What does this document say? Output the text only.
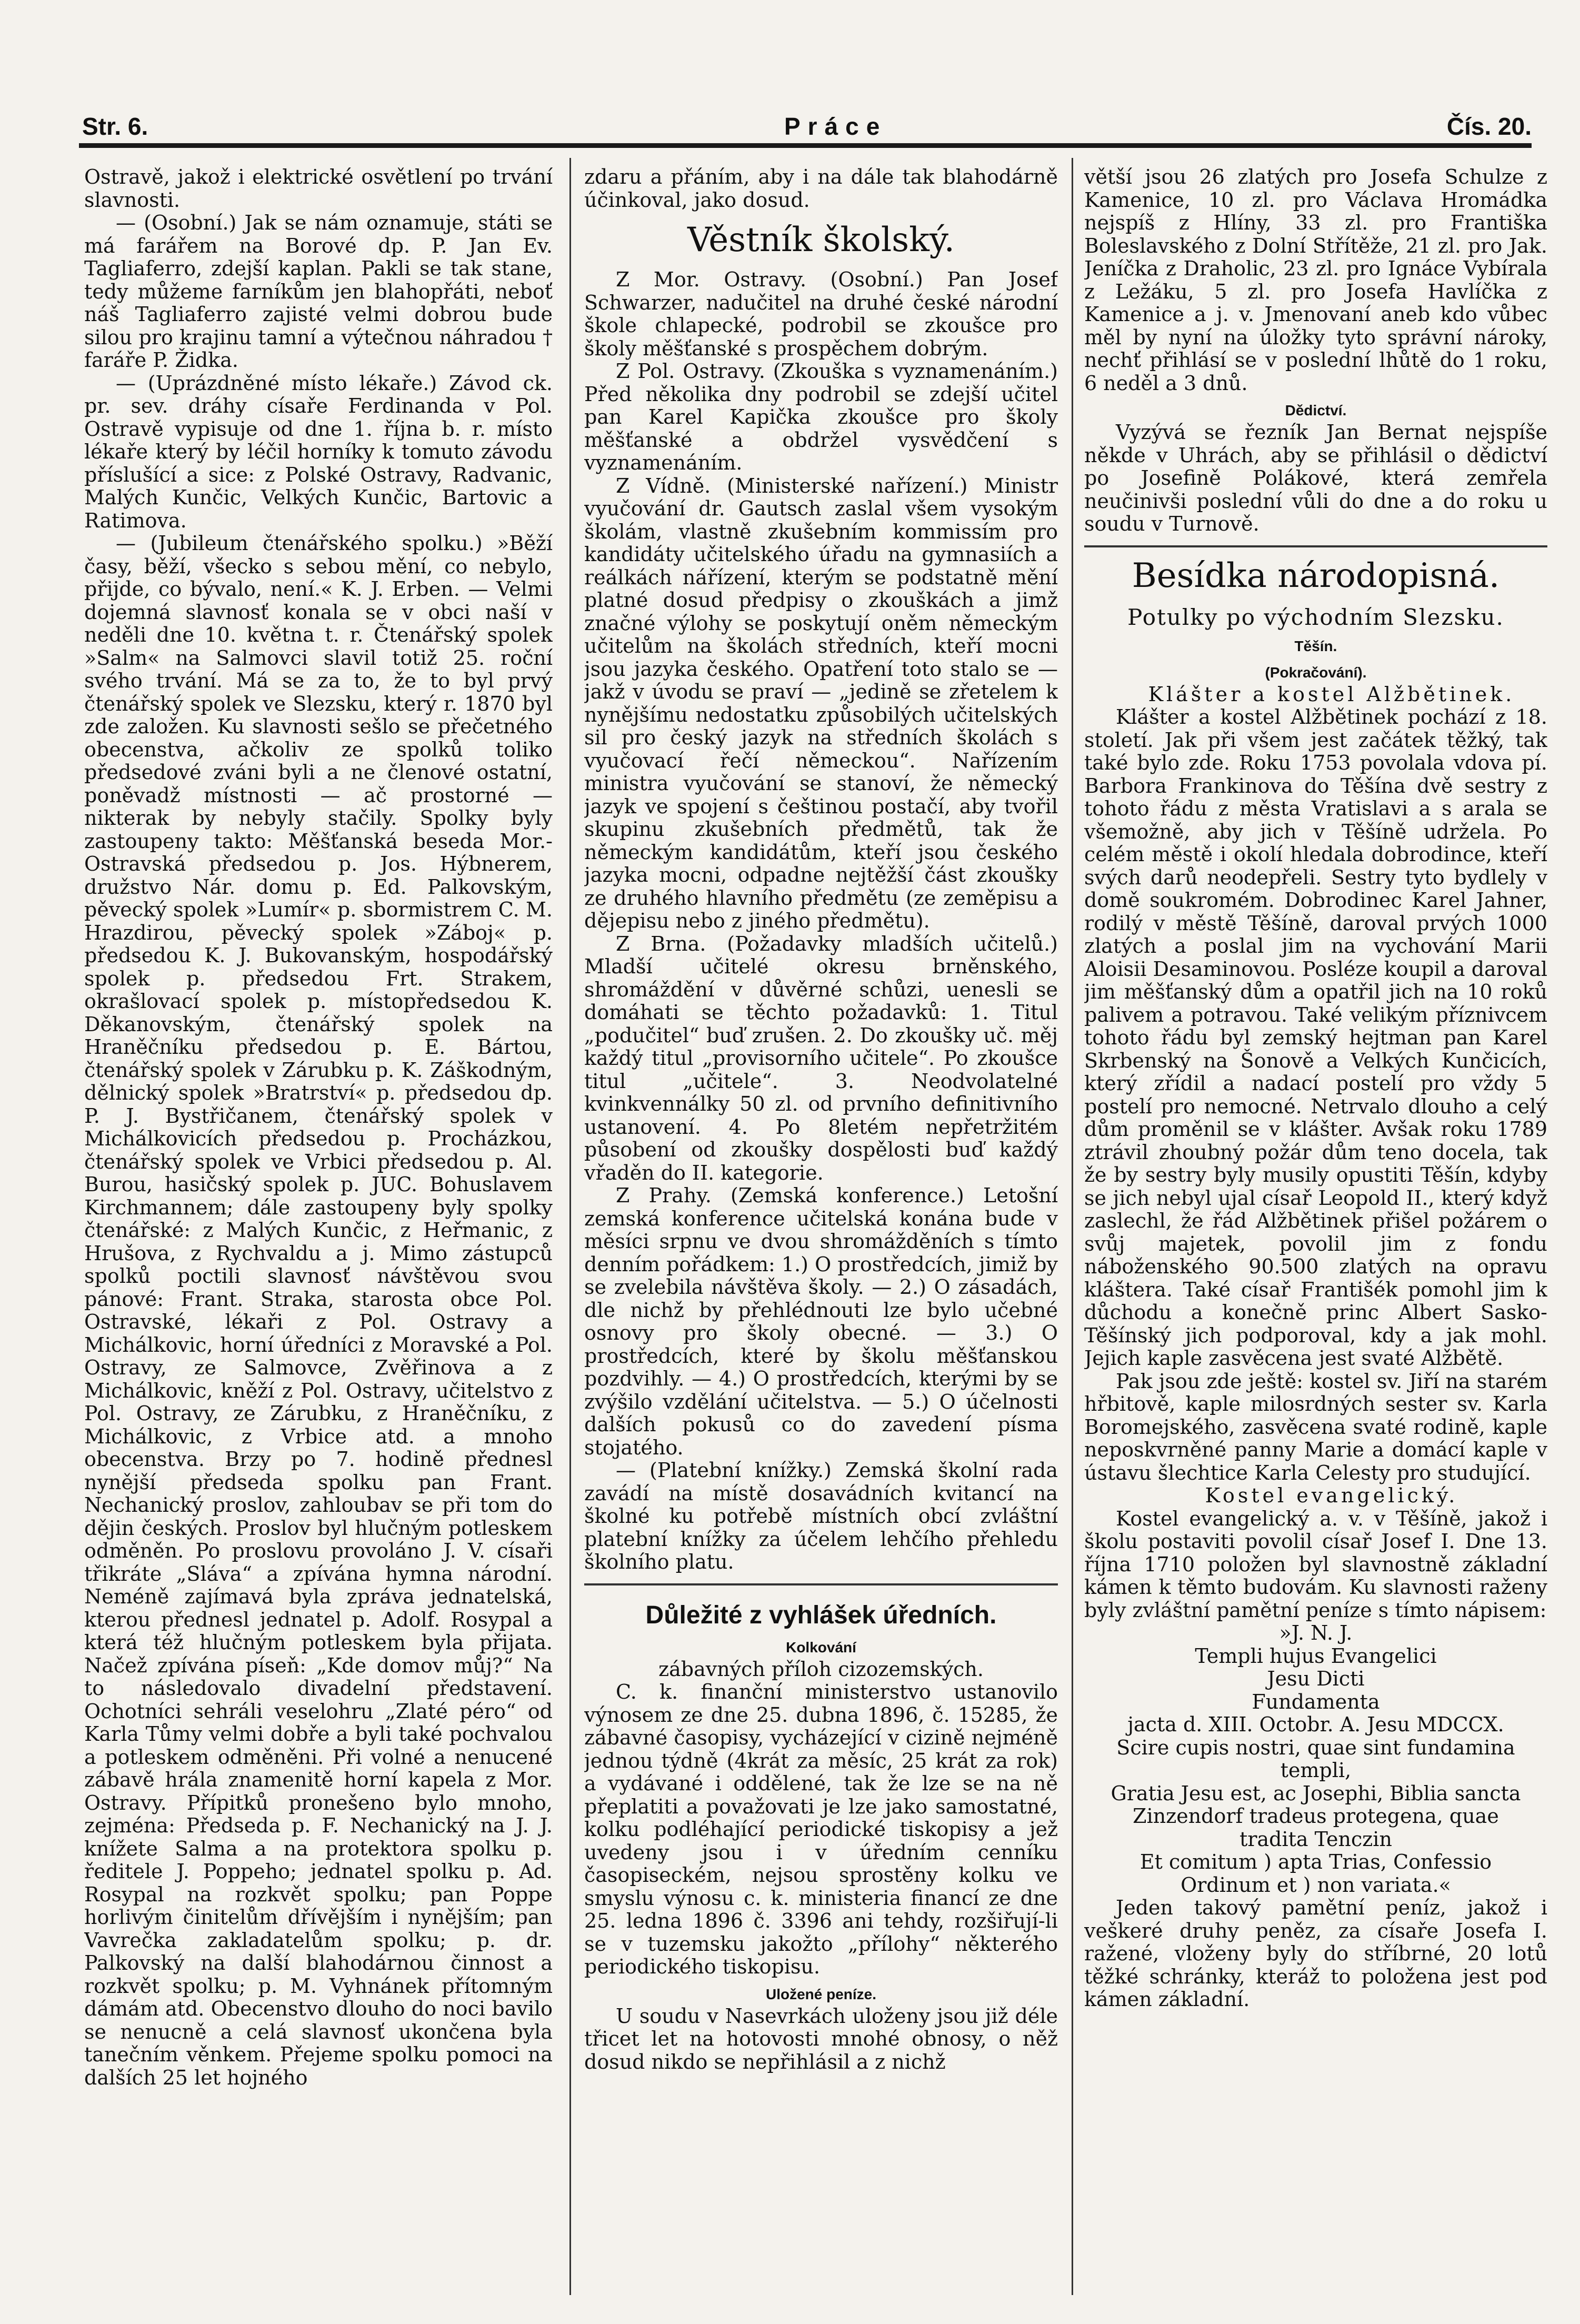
Str. 6.	Práce	Čís. 20.

Ostravě, jakož i elektrické osvětlení po trvání slavnosti.

— (Osobní.) Jak se nám oznamuje, státi se má farářem na Borové dp. P. Jan Ev. Tagliaferro, zdejší kaplan. Pakli se tak stane, tedy můžeme farníkům jen blahopřáti, neboť náš Tagliaferro zajisté velmi dobrou bude silou pro krajinu tamní a výtečnou náhradou † faráře P. Židka.

— (Uprázdněné místo lékaře.) Závod ck. pr. sev. dráhy císaře Ferdinanda v Pol. Ostravě vypisuje od dne 1. října b. r. místo lékaře který by léčil horníky k tomuto závodu příslušící a sice: z Polské Ostravy, Radvanic, Malých Kunčic, Velkých Kunčic, Bartovic a Ratimova.

— (Jubileum čtenářského spolku.) »Běží časy, běží, všecko s sebou mění, co nebylo, přijde, co bývalo, není.« K. J. Erben. — Velmi dojemná slavnosť konala se v obci naší v neděli dne 10. května t. r. Čtenářský spolek »Salm« na Salmovci slavil totiž 25. roční svého trvání. Má se za to, že to byl prvý čtenářský spolek ve Slezsku, který r. 1870 byl zde založen. Ku slavnosti sešlo se přečetného obecenstva, ačkoliv ze spolků toliko předsedové zváni byli a ne členové ostatní, poněvadž místnosti — ač prostorné — nikterak by nebyly stačily. Spolky byly zastoupeny takto: Měšťanská beseda Mor.-Ostravská předsedou p. Jos. Hýbnerem, družstvo Nár. domu p. Ed. Palkovským, pěvecký spolek »Lumír« p. sbormistrem C. M. Hrazdirou, pěvecký spolek »Záboj« p. předsedou K. J. Bukovanským, hospodářský spolek p. předsedou Frt. Strakem, okrašlovací spolek p. místopředsedou K. Děkanovským, čtenářský spolek na Hraněčníku předsedou p. E. Bártou, čtenářský spolek v Zárubku p. K. Záškodným, dělnický spolek »Bratrství« p. předsedou dp. P. J. Bystřičanem, čtenářský spolek v Michálkovicích předsedou p. Procházkou, čtenářský spolek ve Vrbici předsedou p. Al. Burou, hasičský spolek p. JUC. Bohuslavem Kirchmannem; dále zastoupeny byly spolky čtenářské: z Malých Kunčic, z Heřmanic, z Hrušova, z Rychvaldu a j. Mimo zástupců spolků poctili slavnosť návštěvou svou pánové: Frant. Straka, starosta obce Pol. Ostravské, lékaři z Pol. Ostravy a Michálkovic, horní úředníci z Moravské a Pol. Ostravy, ze Salmovce, Zvěřinova a z Michálkovic, kněží z Pol. Ostravy, učitelstvo z Pol. Ostravy, ze Zárubku, z Hraněčníku, z Michálkovic, z Vrbice atd. a mnoho obecenstva. Brzy po 7. hodině přednesl nynější předseda spolku pan Frant. Nechanický proslov, zahloubav se při tom do dějin českých. Proslov byl hlučným potleskem odměněn. Po proslovu provoláno J. V. císaři třikráte „Sláva“ a zpívána hymna národní. Neméně zajímavá byla zpráva jednatelská, kterou přednesl jednatel p. Adolf. Rosypal a která též hlučným potleskem byla přijata. Načež zpívána píseň: „Kde domov můj?“ Na to následovalo divadelní představení. Ochotníci sehráli veselohru „Zlaté péro“ od Karla Tůmy velmi dobře a byli také pochvalou a potleskem odměněni. Při volné a nenucené zábavě hrála znamenitě horní kapela z Mor. Ostravy. Přípitků pronešeno bylo mnoho, zejména: Předseda p. F. Nechanický na J. J. knížete Salma a na protektora spolku p. ředitele J. Poppeho; jednatel spolku p. Ad. Rosypal na rozkvět spolku; pan Poppe horlivým činitelům dřívějším i nynějším; pan Vavrečka zakladatelům spolku; p. dr. Palkovský na další blahodárnou činnost a rozkvět spolku; p. M. Vyhnánek přítomným dámám atd. Obecenstvo dlouho do noci bavilo se nenucně a celá slavnosť ukončena byla tanečním věnkem. Přejeme spolku pomoci na dalších 25 let hojného

zdaru a přáním, aby i na dále tak blahodárně účinkoval, jako dosud.

Věstník školský.

Z Mor. Ostravy. (Osobní.) Pan Josef Schwarzer, nadučitel na druhé české národní škole chlapecké, podrobil se zkoušce pro školy měšťanské s prospěchem dobrým.

Z Pol. Ostravy. (Zkouška s vyznamenáním.) Před několika dny podrobil se zdejší učitel pan Karel Kapička zkoušce pro školy měšťanské a obdržel vysvědčení s vyznamenáním.

Z Vídně. (Ministerské nařízení.) Ministr vyučování dr. Gautsch zaslal všem vysokým školám, vlastně zkušebním kommissím pro kandidáty učitelského úřadu na gymnasiích a reálkách nářízení, kterým se podstatně mění platné dosud předpisy o zkouškách a jimž značné výlohy se poskytují oněm německým učitelům na školách středních, kteří mocni jsou jazyka českého. Opatření toto stalo se — jakž v úvodu se praví — „jedině se zřetelem k nynějšímu nedostatku způsobilých učitelských sil pro český jazyk na středních školách s vyučovací řečí německou“. Nařízením ministra vyučování se stanoví, že německý jazyk ve spojení s češtinou postačí, aby tvořil skupinu zkušebních předmětů, tak že německým kandidátům, kteří jsou českého jazyka mocni, odpadne nejtěžší část zkoušky ze druhého hlavního předmětu (ze zeměpisu a dějepisu nebo z jiného předmětu).

Z Brna. (Požadavky mladších učitelů.) Mladší učitelé okresu brněnského, shromáždění v důvěrné schůzi, uenesli se domáhati se těchto požadavků: 1. Titul „podučitel“ buď zrušen. 2. Do zkoušky uč. měj každý titul „provisorního učitele“. Po zkoušce titul „učitele“. 3. Neodvolatelné kvinkvennálky 50 zl. od prvního definitivního ustanovení. 4. Po 8letém nepřetržitém působení od zkoušky dospělosti buď každý vřaděn do II. kategorie.

Z Prahy. (Zemská konference.) Letošní zemská konference učitelská konána bude v měsíci srpnu ve dvou shromážděních s tímto denním pořádkem: 1.) O prostředcích, jimiž by se zvelebila návštěva školy. — 2.) O zásadách, dle nichž by přehlédnouti lze bylo učebné osnovy pro školy obecné. — 3.) O prostředcích, které by školu měšťanskou pozdvihly. — 4.) O prostředcích, kterými by se zvýšilo vzdělání učitelstva. — 5.) O účelnosti dalších pokusů co do zavedení písma stojatého.

— (Platební knížky.) Zemská školní rada zavádí na místě dosavádních kvitancí na školné ku potřebě místních obcí zvláštní platební knížky za účelem lehčího přehledu školního platu.

Důležité z vyhlášek úředních.
Kolkování

zábavných příloh cizozemských.

C. k. finanční ministerstvo ustanovilo výnosem ze dne 25. dubna 1896, č. 15285, že zábavné časopisy, vycházející v cizině nejméně jednou týdně (4krát za měsíc, 25 krát za rok) a vydávané i oddělené, tak že lze se na ně přeplatiti a považovati je lze jako samostatné, kolku podléhající periodické tiskopisy a jež uvedeny jsou i v úředním cenníku časopiseckém, nejsou sprostěny kolku ve smyslu výnosu c. k. ministeria financí ze dne 25. ledna 1896 č. 3396 ani tehdy, rozšiřují-li se v tuzemsku jakožto „přílohy“ některého periodického tiskopisu.

Uložené peníze.

U soudu v Nasevrkách uloženy jsou již déle třicet let na hotovosti mnohé obnosy, o něž dosud nikdo se nepřihlásil a z nichž

větší jsou 26 zlatých pro Josefa Schulze z Kamenice, 10 zl. pro Václava Hromádka nejspíš z Hlíny, 33 zl. pro Františka Boleslavského z Dolní Střítěže, 21 zl. pro Jak. Jeníčka z Draholic, 23 zl. pro Ignáce Vybírala z Ležáku, 5 zl. pro Josefa Havlíčka z Kamenice a j. v. Jmenovaní aneb kdo vůbec měl by nyní na úložky tyto správní nároky, nechť přihlásí se v poslední lhůtě do 1 roku, 6 neděl a 3 dnů.

Dědictví.

Vyzývá se řezník Jan Bernat nejspíše někde v Uhrách, aby se přihlásil o dědictví po Josefině Polákové, která zemřela neučinivši poslední vůli do dne a do roku u soudu v Turnově.

Besídka národopisná.
Potulky po východním Slezsku.
Těšín.
(Pokračování).

Klášter a kostel Alžbětinek.

Klášter a kostel Alžbětinek pochází z 18. století. Jak při všem jest začátek těžký, tak také bylo zde. Roku 1753 povolala vdova pí. Barbora Frankinova do Těšína dvě sestry z tohoto řádu z města Vratislavi a s arala se všemožně, aby jich v Těšíně udržela. Po celém městě i okolí hledala dobrodince, kteří svých darů neodepřeli. Sestry tyto bydlely v domě soukromém. Dobrodinec Karel Jahner, rodilý v městě Těšíně, daroval prvých 1000 zlatých a poslal jim na vychování Marii Aloisii Desaminovou. Posléze koupil a daroval jim měšťanský dům a opatřil jich na 10 roků palivem a potravou. Také velikým příznivcem tohoto řádu byl zemský hejtman pan Karel Skrbenský na Šonově a Velkých Kunčicích, který zřídil a nadací postelí pro vždy 5 postelí pro nemocné. Netrvalo dlouho a celý dům proměnil se v klášter. Avšak roku 1789 ztrávil zhoubný požár dům teno docela, tak že by sestry byly musily opustiti Těšín, kdyby se jich nebyl ujal císař Leopold II., který když zaslechl, že řád Alžbětinek přišel požárem o svůj majetek, povolil jim z fondu náboženského 90.500 zlatých na opravu kláštera. Také císař Františék pomohl jim k důchodu a konečně princ Albert Sasko-Těšínský jich podporoval, kdy a jak mohl. Jejich kaple zasvěcena jest svaté Alžbětě.

Pak jsou zde ještě: kostel sv. Jiří na starém hřbitově, kaple milosrdných sester sv. Karla Boromejského, zasvěcena svaté rodině, kaple neposkvrněné panny Marie a domácí kaple v ústavu šlechtice Karla Celesty pro studující.

Kostel evangelický.

Kostel evangelický a. v. v Těšíně, jakož i školu postaviti povolil císař Josef I. Dne 13. října 1710 položen byl slavnostně základní kámen k těmto budovám. Ku slavnosti raženy byly zvláštní pamětní peníze s tímto nápisem:

»J. N. J.

Templi hujus Evangelici

Jesu Dicti

Fundamenta

jacta d. XIII. Octobr. A. Jesu MDCCX.

Scire cupis nostri, quae sint fundamina

templi,

Gratia Jesu est, ac Josephi, Biblia sancta

Zinzendorf tradeus protegena, quae

tradita Tenczin

Et comitum ) apta Trias, Confessio

Ordinum et ) non variata.«

Jeden takový pamětní peníz, jakož i veškeré druhy peněz, za císaře Josefa I. ražené, vloženy byly do stříbrné, 20 lotů těžké schránky, kteráž to položena jest pod kámen základní.
